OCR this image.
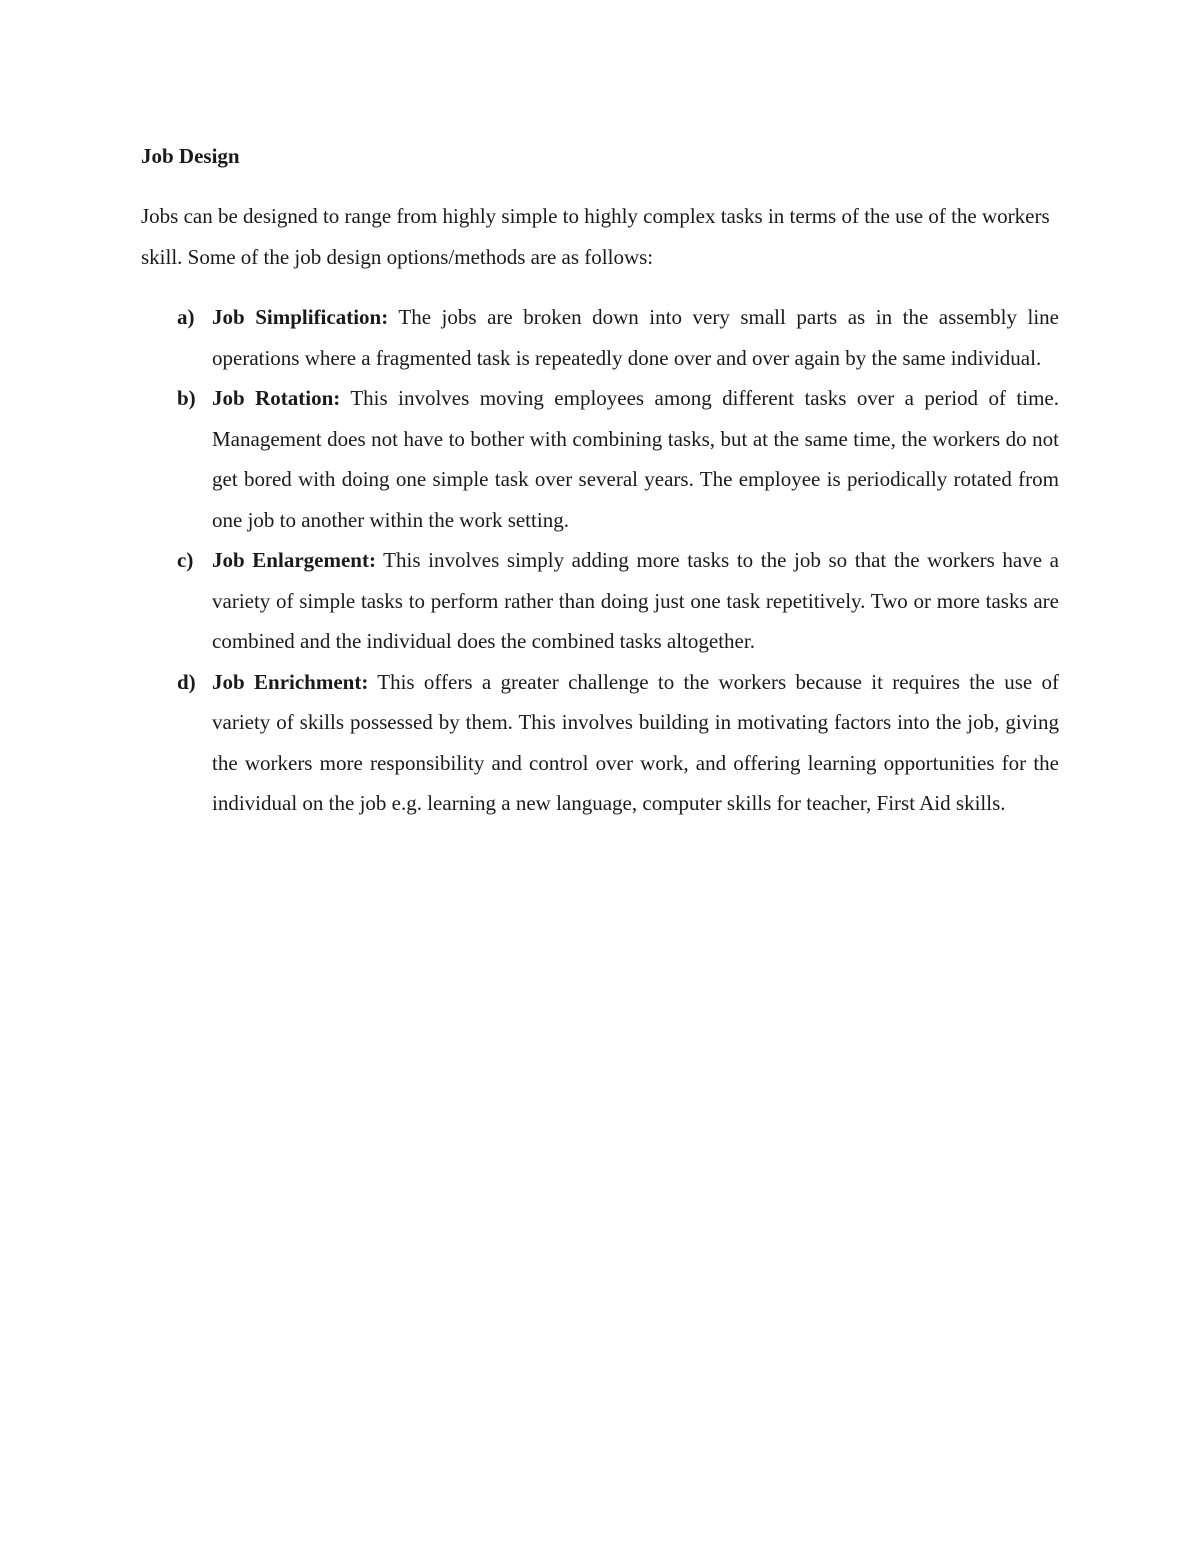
Job Design

Jobs can be designed to range from highly simple to highly complex tasks in terms of the use of the workers skill. Some of the job design options/methods are as follows:

a) Job Simplification: The jobs are broken down into very small parts as in the assembly line operations where a fragmented task is repeatedly done over and over again by the same individual.
b) Job Rotation: This involves moving employees among different tasks over a period of time. Management does not have to bother with combining tasks, but at the same time, the workers do not get bored with doing one simple task over several years. The employee is periodically rotated from one job to another within the work setting.
c) Job Enlargement: This involves simply adding more tasks to the job so that the workers have a variety of simple tasks to perform rather than doing just one task repetitively. Two or more tasks are combined and the individual does the combined tasks altogether.
d) Job Enrichment: This offers a greater challenge to the workers because it requires the use of variety of skills possessed by them. This involves building in motivating factors into the job, giving the workers more responsibility and control over work, and offering learning opportunities for the individual on the job e.g. learning a new language, computer skills for teacher, First Aid skills.
